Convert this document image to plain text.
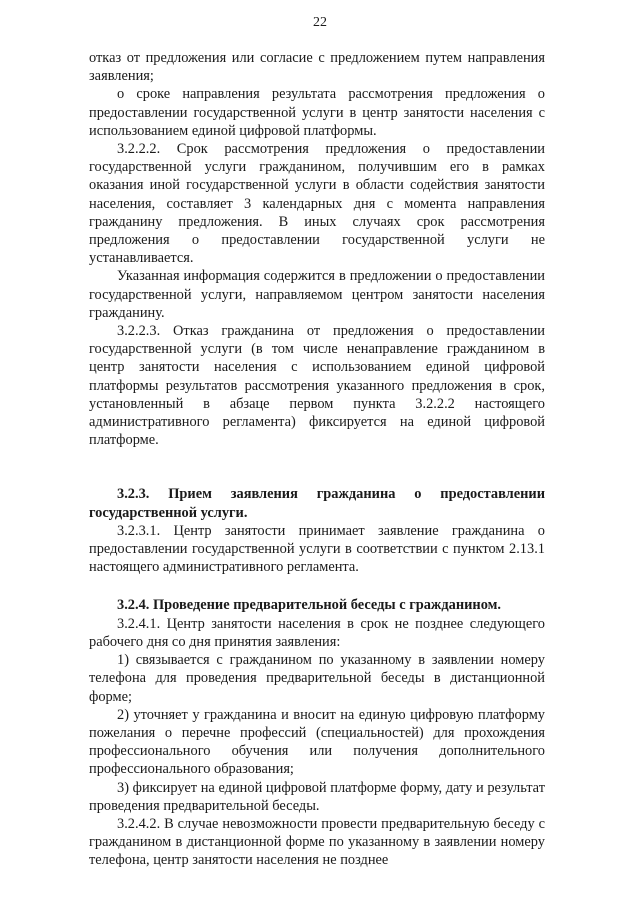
22

отказ от предложения или согласие с предложением путем направления заявления;

о сроке направления результата рассмотрения предложения о предоставлении государственной услуги в центр занятости населения с использованием единой цифровой платформы.

3.2.2.2. Срок рассмотрения предложения о предоставлении государственной услуги гражданином, получившим его в рамках оказания иной государственной услуги в области содействия занятости населения, составляет 3 календарных дня с момента направления гражданину предложения. В иных случаях срок рассмотрения предложения о предоставлении государственной услуги не устанавливается.

Указанная информация содержится в предложении о предоставлении государственной услуги, направляемом центром занятости населения гражданину.

3.2.2.3. Отказ гражданина от предложения о предоставлении государственной услуги (в том числе ненаправление гражданином в центр занятости населения с использованием единой цифровой платформы результатов рассмотрения указанного предложения в срок, установленный в абзаце первом пункта 3.2.2.2 настоящего административного регламента) фиксируется на единой цифровой платформе.

3.2.3. Прием заявления гражданина о предоставлении государственной услуги.

3.2.3.1. Центр занятости принимает заявление гражданина о предоставлении государственной услуги в соответствии с пунктом 2.13.1 настоящего административного регламента.

3.2.4. Проведение предварительной беседы с гражданином.

3.2.4.1. Центр занятости населения в срок не позднее следующего рабочего дня со дня принятия заявления:

1) связывается с гражданином по указанному в заявлении номеру телефона для проведения предварительной беседы в дистанционной форме;

2) уточняет у гражданина и вносит на единую цифровую платформу пожелания о перечне профессий (специальностей) для прохождения профессионального обучения или получения дополнительного профессионального образования;

3) фиксирует на единой цифровой платформе форму, дату и результат проведения предварительной беседы.

3.2.4.2. В случае невозможности провести предварительную беседу с гражданином в дистанционной форме по указанному в заявлении номеру телефона, центр занятости населения не позднее
